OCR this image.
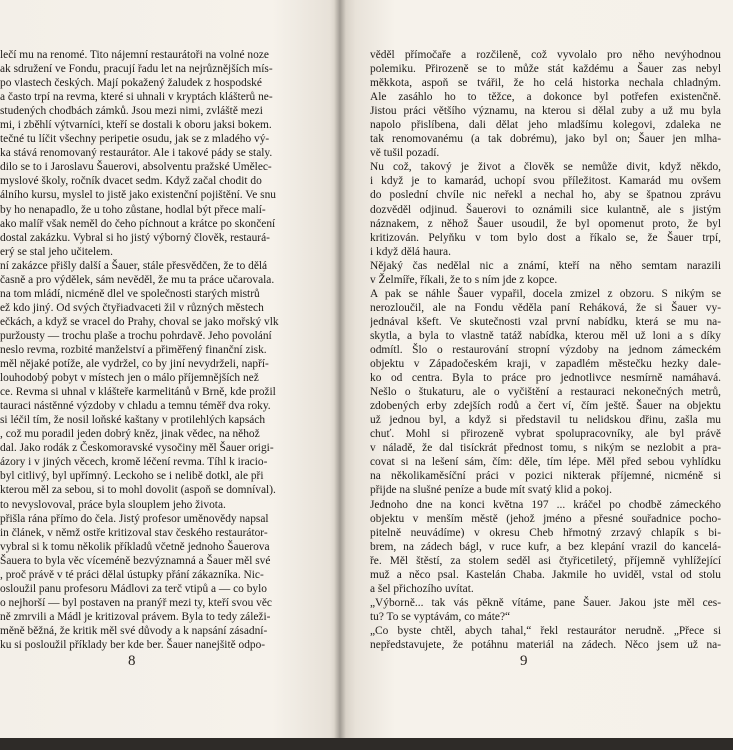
lečí mu na renomé. Tito nájemní restaurátoři na volné noze
ak sdružení ve Fondu, pracují řadu let na nejrůznějších mís-
po vlastech českých. Mají pokažený žaludek z hospodské
a často trpí na revma, které si uhnali v kryptách klášterů ne-
studených chodbách zámků. Jsou mezi nimi, zvláště mezi
mi, i zběhlí výtvarníci, kteří se dostali k oboru jaksi bokem.
tečné tu líčit všechny peripetie osudu, jak se z mladého vý-
ka stává renomovaný restaurátor. Ale i takové pády se staly.
dilo se to i Jaroslavu Šauerovi, absolventu pražské Umělec-
myslové školy, ročník dvacet sedm. Když začal chodit do
álního kursu, myslel to jistě jako existenční pojištění. Ve snu
by ho nenapadlo, že u toho zůstane, hodlal být přece malí-
ako malíř však neměl do čeho píchnout a krátce po skončení
dostal zakázku. Vybral si ho jistý výborný člověk, restaurá-
erý se stal jeho učitelem.
ní zakázce přišly další a Šauer, stále přesvědčen, že to dělá
časně a pro výdělek, sám nevěděl, že mu ta práce učarovala.
na tom mládí, nicméně dlel ve společnosti starých mistrů
ež kdo jiný. Od svých čtyřiadvaceti žil v různých městech
ečkách, a když se vracel do Prahy, choval se jako mořský vlk
puržousty — trochu plaše a trochu pohrdavě. Jeho povolání
neslo revma, rozbité manželství a přiměřený finanční zisk.
měl nějaké potíže, ale vydržel, co by jiní nevydrželi, napří-
louhodobý pobyt v místech jen o málo příjemnějších než
ce. Revma si uhnal v klášteře karmelitánů v Brně, kde prožil
tauraci nástěnné výzdoby v chladu a temnu téměř dva roky.
si léčil tím, že nosil loňské kaštany v protilehlých kapsách
, což mu poradil jeden dobrý kněz, jinak vědec, na něhož
dal. Jako rodák z Českomoravské vysočiny měl Šauer origi-
ázory i v jiných věcech, kromě léčení revma. Tíhl k iracio-
byl citlivý, byl upřímný. Leckoho se i nelibě dotkl, ale při
kterou měl za sebou, si to mohl dovolit (aspoň se domníval).
to nevyslovoval, práce byla slouplem jeho života.
přišla rána přímo do čela. Jistý profesor uměnovědy napsal
in článek, v němž ostře kritizoval stav českého restaurátor-
vybral si k tomu několik příkladů včetně jednoho Šauerova
Šauera to byla věc víceméně bezvýznamná a Šauer měl své
, proč právě v té práci dělal ústupky přání zákazníka. Nic-
osloužil panu profesoru Mádlovi za terč vtipů a — co bylo
o nejhorší — byl postaven na pranýř mezi ty, kteří svou věc
ně zmrvili a Mádl je kritizoval právem. Byla to tedy záleži-
měně běžná, že kritik měl své důvody a k napsání zásadní-
ku si posloužil příklady ber kde ber. Šauer nanejšitě odpo-
8
věděl přímočaře a rozčileně, což vyvolalo pro něho nevýhodnou
polemiku. Přirozeně se to může stát každému a Šauer zas nebyl
měkkota, aspoň se tvářil, že ho celá historka nechala chladným.
Ale zasáhlo ho to těžce, a dokonce byl potřefen existenčně.
Jistou práci většího významu, na kterou si dělal zuby a už mu byla
napolo přislíbena, dali dělat jeho mladšímu kolegovi, zdaleka ne
tak renomovanému (a tak dobrému), jako byl on; Šauer jen mlha-
vě tušil pozadí.
Nu což, takový je život a člověk se nemůže divit, když někdo,
i když je to kamarád, uchopí svou příležitost. Kamarád mu ovšem
do poslední chvíle nic neřekl a nechal ho, aby se špatnou zprávu
dozvěděl odjinud. Šauerovi to oznámili sice kulantně, ale s jistým
náznakem, z něhož Šauer usoudil, že byl opomenut proto, že byl
kritizován. Pelyňku v tom bylo dost a říkalo se, že Šauer trpí,
i když dělá haura.
Nějaký čas nedělal nic a známí, kteří na něho semtam narazili
v Želmíře, říkali, že to s ním jde z kopce.
A pak se náhle Šauer vypařil, docela zmizel z obzoru. S nikým se
nerozloučil, ale na Fondu věděla paní Reháková, že si Šauer vy-
jednával kšeft. Ve skutečnosti vzal první nabídku, která se mu na-
skytla, a byla to vlastně tatáž nabídka, kterou měl už loni a s díky
odmítl. Šlo o restaurování stropní výzdoby na jednom zámeckém
objektu v Západočeském kraji, v zapadlém městečku hezky dale-
ko od centra. Byla to práce pro jednotlivce nesmírně namáhavá.
Nešlo o štukaturu, ale o vyčištění a restauraci nekonečných metrů,
zdobených erby zdejších rodů a čert ví, čím ještě. Šauer na objektu
už jednou byl, a když si představil tu nelidskou dřinu, zašla mu
chuť. Mohl si přirozeně vybrat spolupracovníky, ale byl právě
v náladě, že dal tisíckrát přednost tomu, s nikým se nezlobit a pra-
covat si na lešení sám, čím: děle, tím lépe. Měl před sebou vyhlídku
na několikaměsíční práci v pozici nikterak příjemné, nicméně si
přijde na slušné peníze a bude mít svatý klid a pokoj.
Jednoho dne na konci května 197 ... kráčel po chodbě zámeckého
objektu v menším městě (jehož jméno a přesné souřadnice pocho-
pitelně neuvádíme) v okresu Cheb hřmotný zrzavý chlapík s bi-
brem, na zádech bágl, v ruce kufr, a bez klepání vrazil do kancelá-
ře. Měl štěstí, za stolem seděl asi čtyřicetiletý, příjemně vyhlížející
muž a něco psal. Kastelán Chaba. Jakmile ho uviděl, vstal od stolu
a šel přichozího uvítat.
„Výborně... tak vás pěkně vítáme, pane Šauer. Jakou jste měl ces-
tu? To se vyptávám, co máte?“
„Co byste chtěl, abych tahal,“ řekl restaurátor nerudně. „Přece si
nepředstavujete, že potáhnu materiál na zádech. Něco jsem už na-
9
